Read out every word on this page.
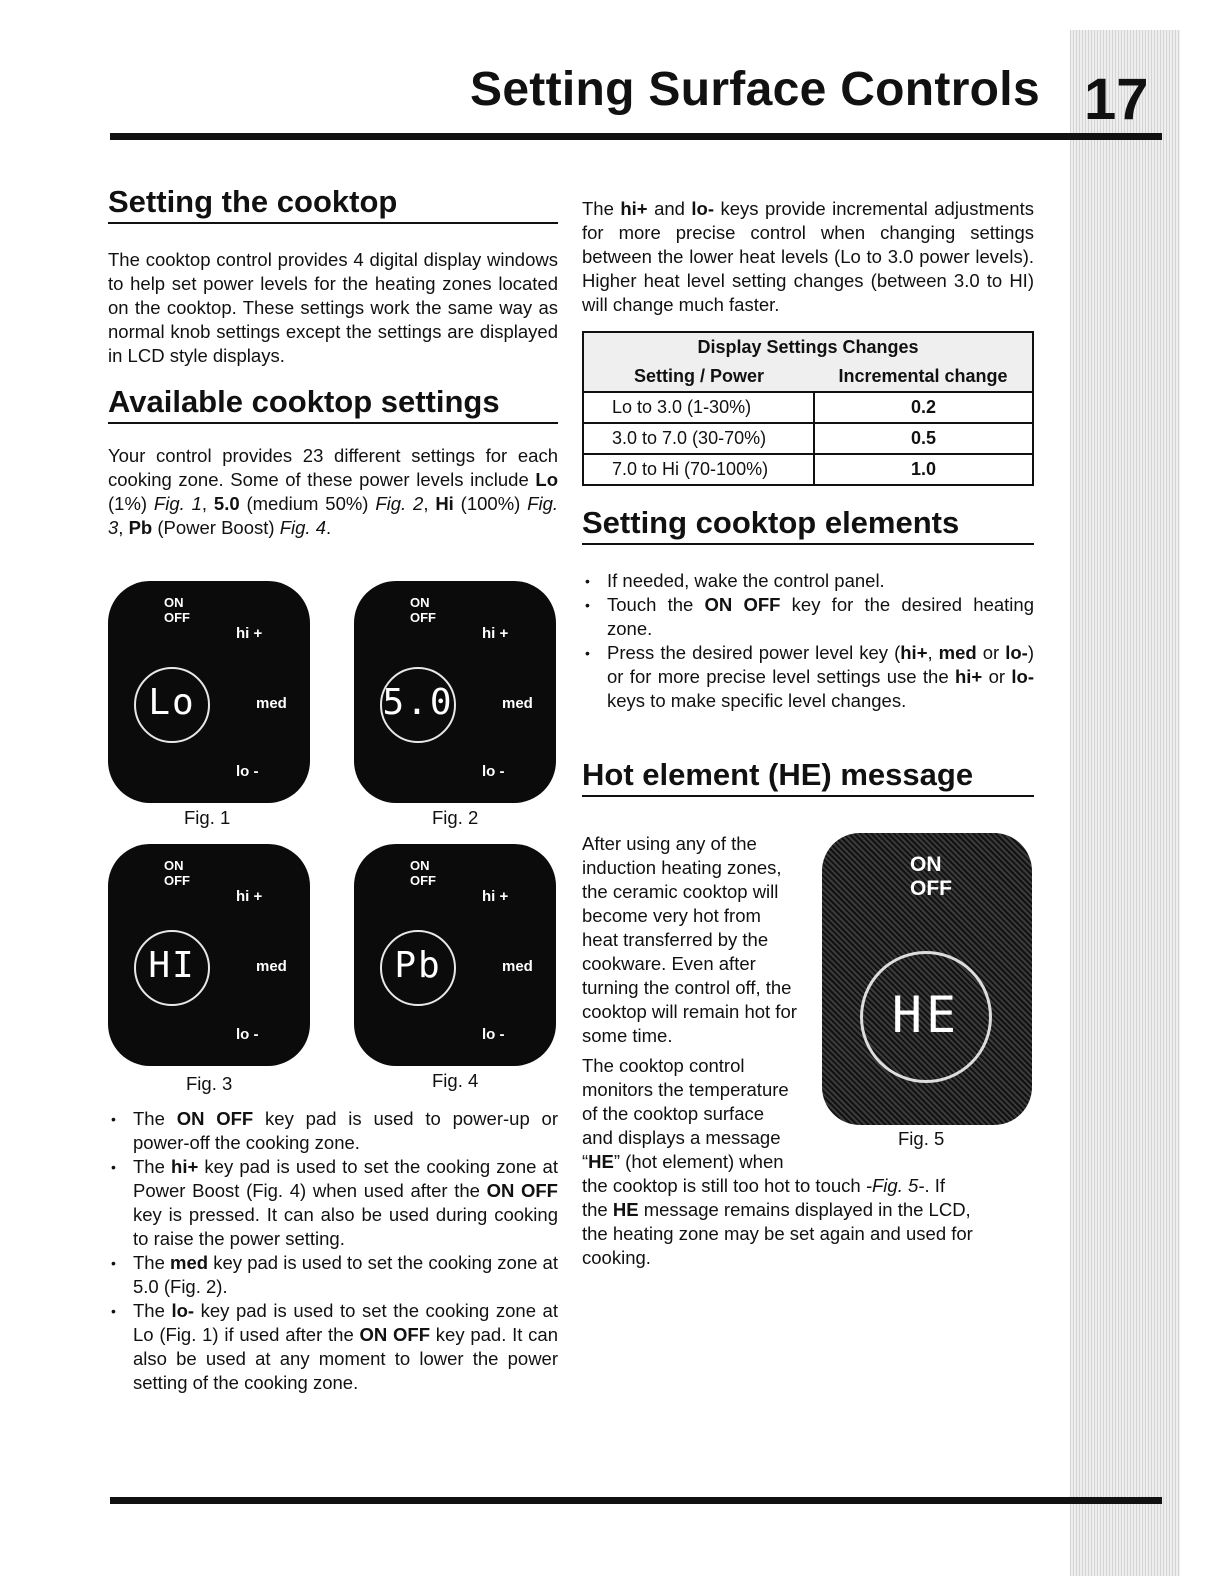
Setting Surface Controls 17
Setting the cooktop

The cooktop control provides 4 digital display windows to help set power levels for the heating zones located on the cooktop. These settings work the same way as normal knob settings except the settings are displayed in LCD style displays.

Available cooktop settings

Your control provides 23 different settings for each cooking zone. Some of these power levels include Lo (1%) Fig. 1, 5.0 (medium 50%) Fig. 2, Hi (100%) Fig. 3, Pb (Power Boost) Fig. 4.

ON
OFF
hi +
Lo	med
lo -
Fig. 1
ON
OFF
hi +
5.0	med
lo -
Fig. 2
ON
OFF
hi +
HI	med
lo -
Fig. 3
ON
OFF
hi +
Pb	med
lo -
Fig. 4
• The ON OFF key pad is used to power-up or power-off the cooking zone.
• The hi+ key pad is used to set the cooking zone at Power Boost (Fig. 4) when used after the ON OFF key is pressed. It can also be used during cooking to raise the power setting.
• The med key pad is used to set the cooking zone at 5.0 (Fig. 2).
• The lo- key pad is used to set the cooking zone at Lo (Fig. 1) if used after the ON OFF key pad. It can also be used at any moment to lower the power setting of the cooking zone.

The hi+ and lo- keys provide incremental adjustments for more precise control when changing settings between the lower heat levels (Lo to 3.0 power levels). Higher heat level setting changes (between 3.0 to HI) will change much faster.

Display Settings Changes	
Setting / Power	Incremental change
Lo to 3.0 (1-30%)	0.2
3.0 to 7.0 (30-70%)	0.5
7.0 to Hi (70-100%)	1.0
Setting cooktop elements
• If needed, wake the control panel.
• Touch the ON OFF key for the desired heating zone.
• Press the desired power level key (hi+, med or lo-) or for more precise level settings use the hi+ or lo- keys to make specific level changes.
Hot element (HE) message
After using any of the
induction heating zones,
the ceramic cooktop will
become very hot from
heat transferred by the
cookware. Even after
turning the control off, the
cooktop will remain hot for
some time.
The cooktop control
monitors the temperature
of the cooktop surface
and displays a message
“HE” (hot element) when
the cooktop is still too hot to touch -Fig. 5-. If
the HE message remains displayed in the LCD,
the heating zone may be set again and used for
cooking.
ON
OFF
HE
Fig. 5
